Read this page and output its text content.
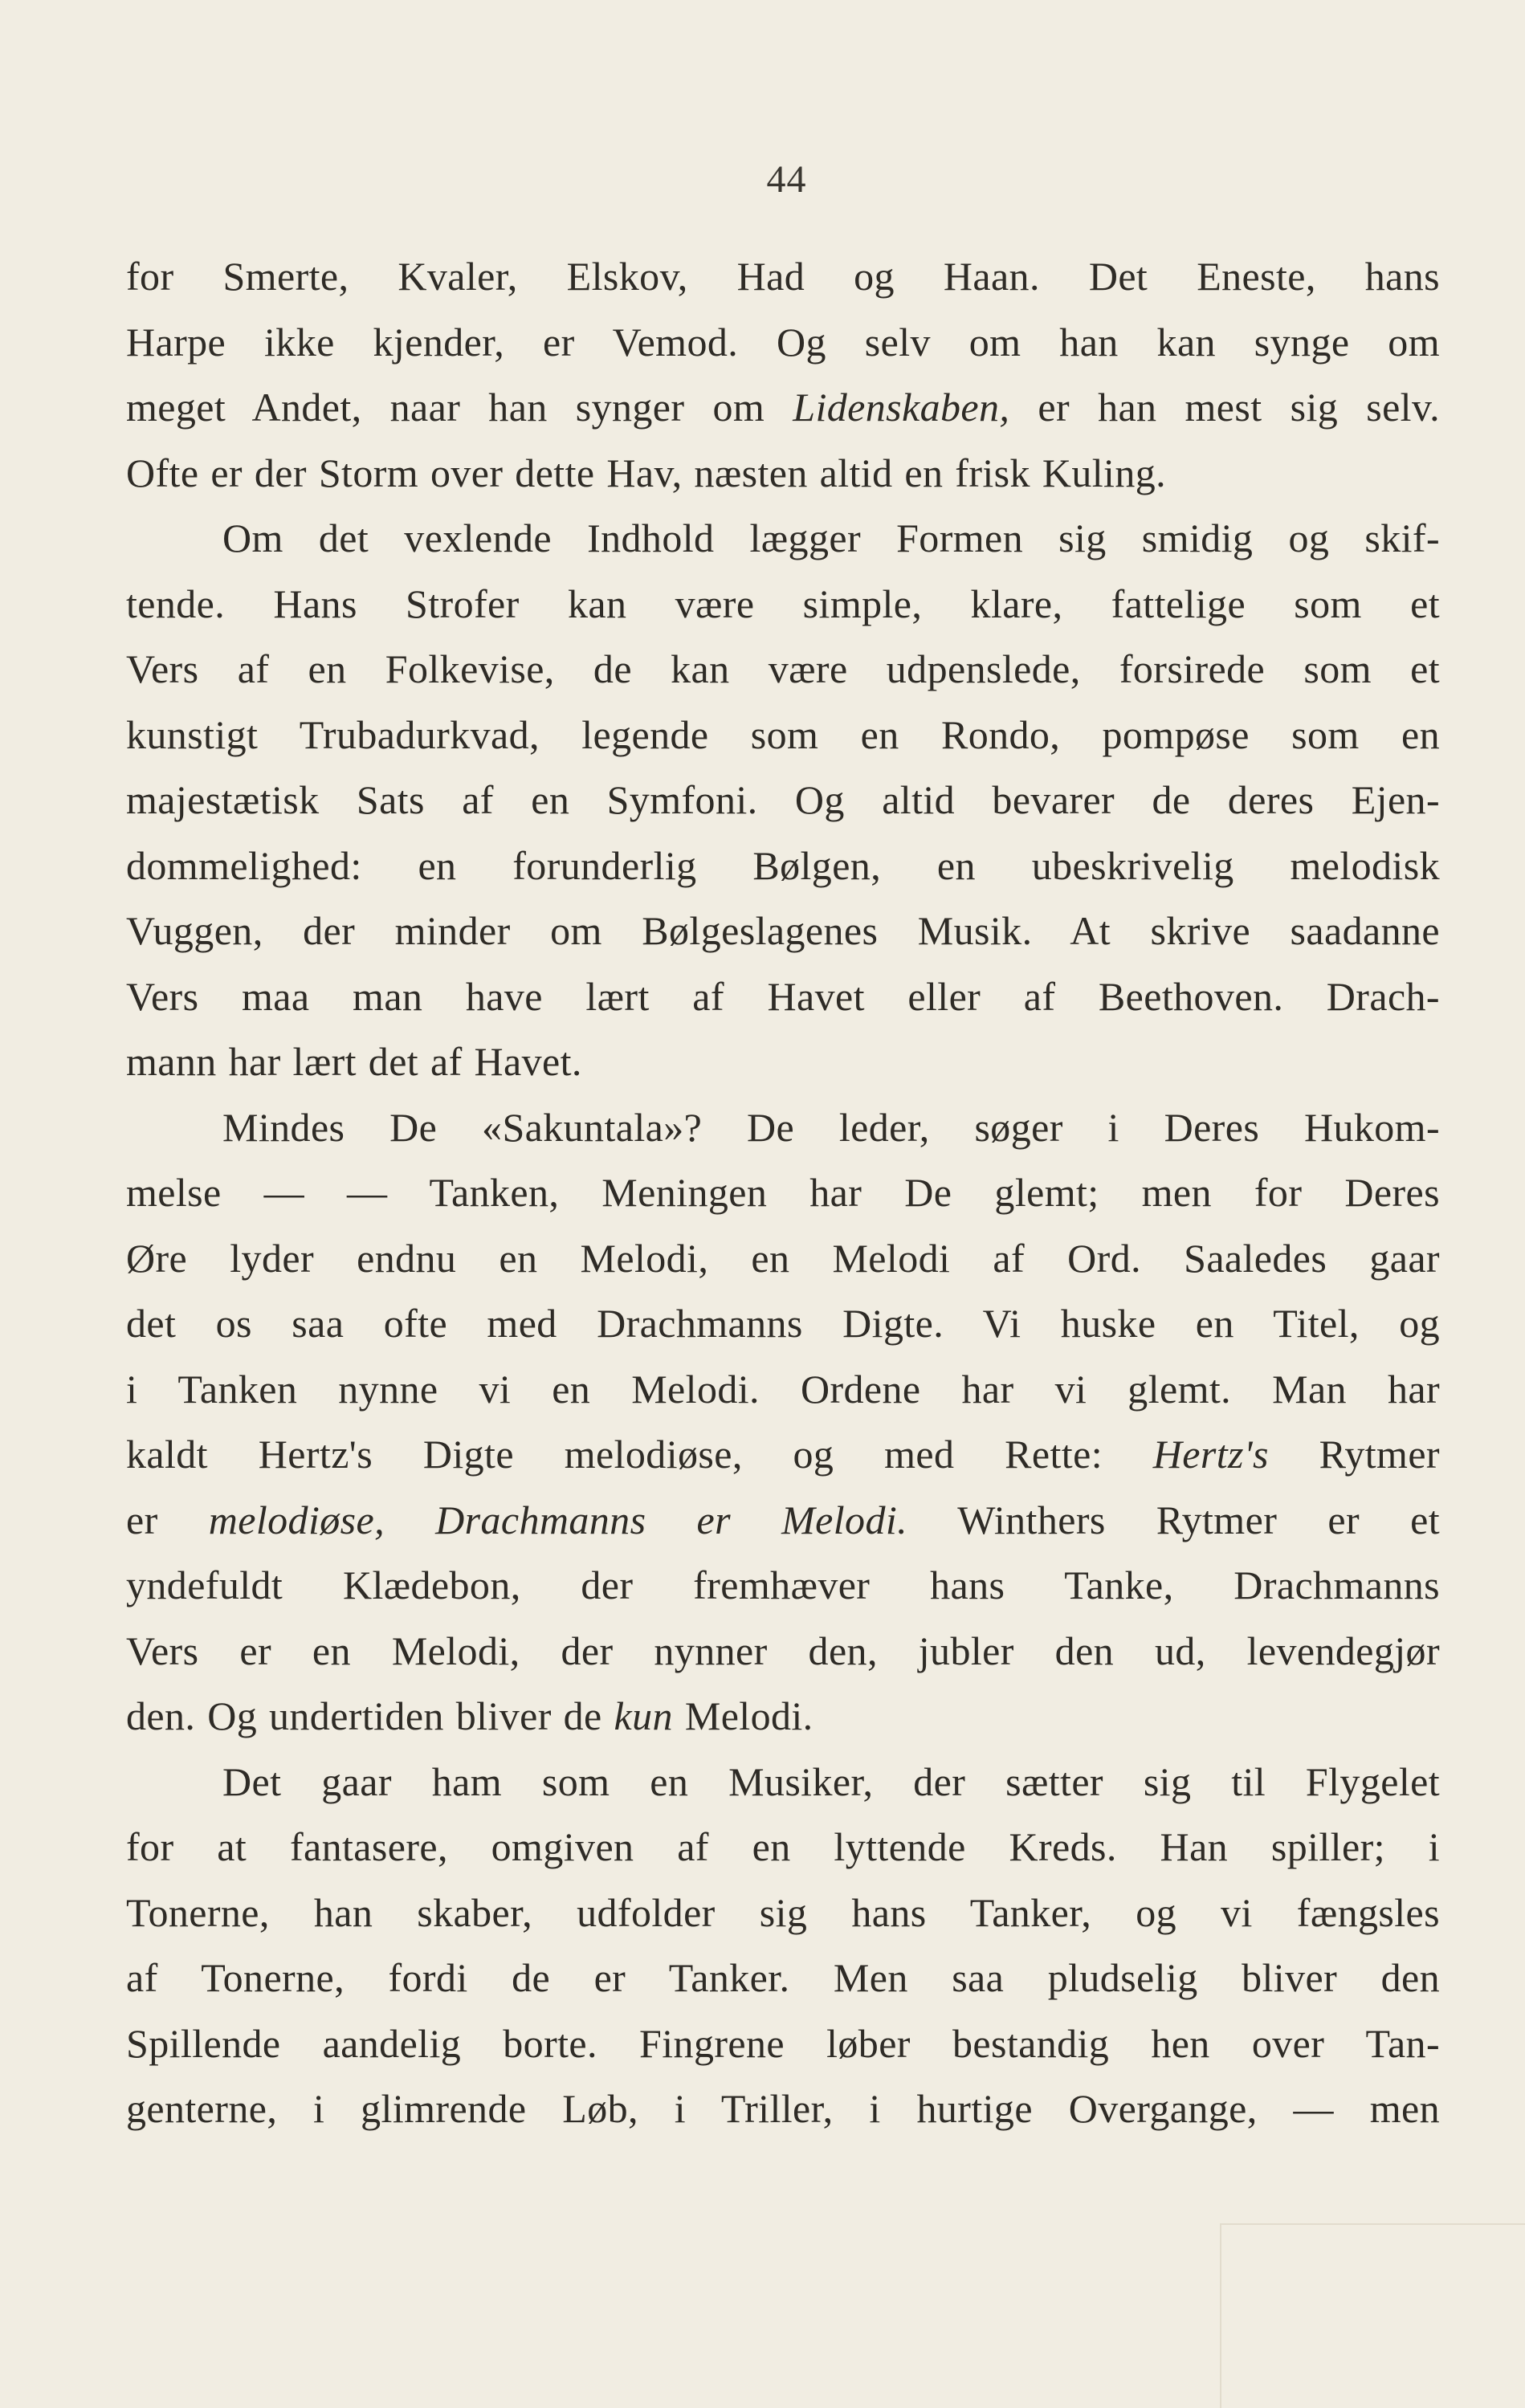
44
for Smerte, Kvaler, Elskov, Had og Haan. Det Eneste, hans
Harpe ikke kjender, er Vemod. Og selv om han kan synge om
meget Andet, naar han synger om Lidenskaben, er han mest sig selv.
Ofte er der Storm over dette Hav, næsten altid en frisk Kuling.
Om det vexlende Indhold lægger Formen sig smidig og skif-
tende. Hans Strofer kan være simple, klare, fattelige som et
Vers af en Folkevise, de kan være udpenslede, forsirede som et
kunstigt Trubadurkvad, legende som en Rondo, pompøse som en
majestætisk Sats af en Symfoni. Og altid bevarer de deres Ejen-
dommelighed: en forunderlig Bølgen, en ubeskrivelig melodisk
Vuggen, der minder om Bølgeslagenes Musik. At skrive saadanne
Vers maa man have lært af Havet eller af Beethoven. Drach-
mann har lært det af Havet.
Mindes De «Sakuntala»? De leder, søger i Deres Hukom-
melse — — Tanken, Meningen har De glemt; men for Deres
Øre lyder endnu en Melodi, en Melodi af Ord. Saaledes gaar
det os saa ofte med Drachmanns Digte. Vi huske en Titel, og
i Tanken nynne vi en Melodi. Ordene har vi glemt. Man har
kaldt Hertz's Digte melodiøse, og med Rette: Hertz's Rytmer
er melodiøse, Drachmanns er Melodi. Winthers Rytmer er et
yndefuldt Klædebon, der fremhæver hans Tanke, Drachmanns
Vers er en Melodi, der nynner den, jubler den ud, levendegjør
den. Og undertiden bliver de kun Melodi.
Det gaar ham som en Musiker, der sætter sig til Flygelet
for at fantasere, omgiven af en lyttende Kreds. Han spiller; i
Tonerne, han skaber, udfolder sig hans Tanker, og vi fængsles
af Tonerne, fordi de er Tanker. Men saa pludselig bliver den
Spillende aandelig borte. Fingrene løber bestandig hen over Tan-
genterne, i glimrende Løb, i Triller, i hurtige Overgange, — men
